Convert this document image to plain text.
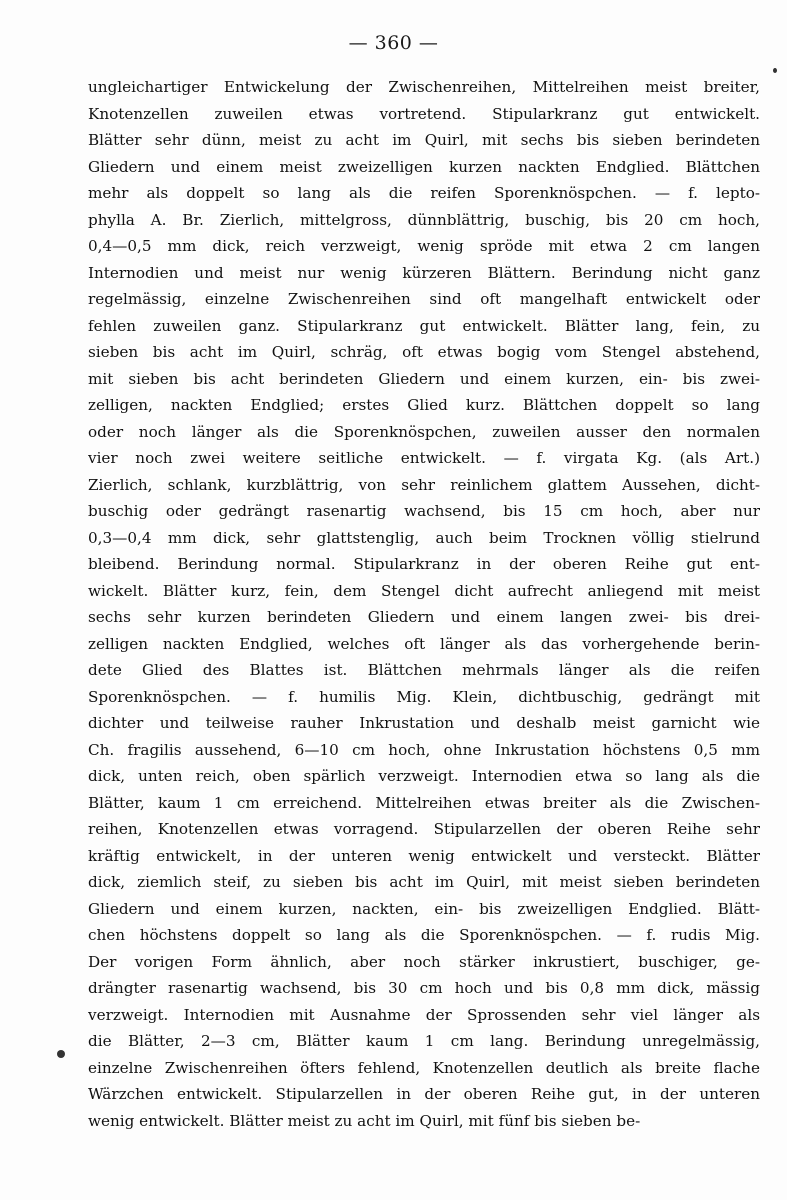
— 360 —
ungleichartiger Entwickelung der Zwischenreihen, Mittelreihen meist breiter,
Knotenzellen zuweilen etwas vortretend. Stipularkranz gut entwickelt.
Blätter sehr dünn, meist zu acht im Quirl, mit sechs bis sieben berindeten
Gliedern und einem meist zweizelligen kurzen nackten Endglied. Blättchen
mehr als doppelt so lang als die reifen Sporenknöspchen. — f. lepto-
phylla A. Br. Zierlich, mittelgross, dünnblättrig, buschig, bis 20 cm hoch,
0,4—0,5 mm dick, reich verzweigt, wenig spröde mit etwa 2 cm langen
Internodien und meist nur wenig kürzeren Blättern. Berindung nicht ganz
regelmässig, einzelne Zwischenreihen sind oft mangelhaft entwickelt oder
fehlen zuweilen ganz. Stipularkranz gut entwickelt. Blätter lang, fein, zu
sieben bis acht im Quirl, schräg, oft etwas bogig vom Stengel abstehend,
mit sieben bis acht berindeten Gliedern und einem kurzen, ein- bis zwei-
zelligen, nackten Endglied; erstes Glied kurz. Blättchen doppelt so lang
oder noch länger als die Sporenknöspchen, zuweilen ausser den normalen
vier noch zwei weitere seitliche entwickelt. — f. virgata Kg. (als Art.)
Zierlich, schlank, kurzblättrig, von sehr reinlichem glattem Aussehen, dicht-
buschig oder gedrängt rasenartig wachsend, bis 15 cm hoch, aber nur
0,3—0,4 mm dick, sehr glattstenglig, auch beim Trocknen völlig stielrund
bleibend. Berindung normal. Stipularkranz in der oberen Reihe gut ent-
wickelt. Blätter kurz, fein, dem Stengel dicht aufrecht anliegend mit meist
sechs sehr kurzen berindeten Gliedern und einem langen zwei- bis drei-
zelligen nackten Endglied, welches oft länger als das vorhergehende berin-
dete Glied des Blattes ist. Blättchen mehrmals länger als die reifen
Sporenknöspchen. — f. humilis Mig. Klein, dichtbuschig, gedrängt mit
dichter und teilweise rauher Inkrustation und deshalb meist garnicht wie
Ch. fragilis aussehend, 6—10 cm hoch, ohne Inkrustation höchstens 0,5 mm
dick, unten reich, oben spärlich verzweigt. Internodien etwa so lang als die
Blätter, kaum 1 cm erreichend. Mittelreihen etwas breiter als die Zwischen-
reihen, Knotenzellen etwas vorragend. Stipularzellen der oberen Reihe sehr
kräftig entwickelt, in der unteren wenig entwickelt und versteckt. Blätter
dick, ziemlich steif, zu sieben bis acht im Quirl, mit meist sieben berindeten
Gliedern und einem kurzen, nackten, ein- bis zweizelligen Endglied. Blätt-
chen höchstens doppelt so lang als die Sporenknöspchen. — f. rudis Mig.
Der vorigen Form ähnlich, aber noch stärker inkrustiert, buschiger, ge-
drängter rasenartig wachsend, bis 30 cm hoch und bis 0,8 mm dick, mässig
verzweigt. Internodien mit Ausnahme der Sprossenden sehr viel länger als
die Blätter, 2—3 cm, Blätter kaum 1 cm lang. Berindung unregelmässig,
einzelne Zwischenreihen öfters fehlend, Knotenzellen deutlich als breite flache
Wärzchen entwickelt. Stipularzellen in der oberen Reihe gut, in der unteren
wenig entwickelt. Blätter meist zu acht im Quirl, mit fünf bis sieben be-
